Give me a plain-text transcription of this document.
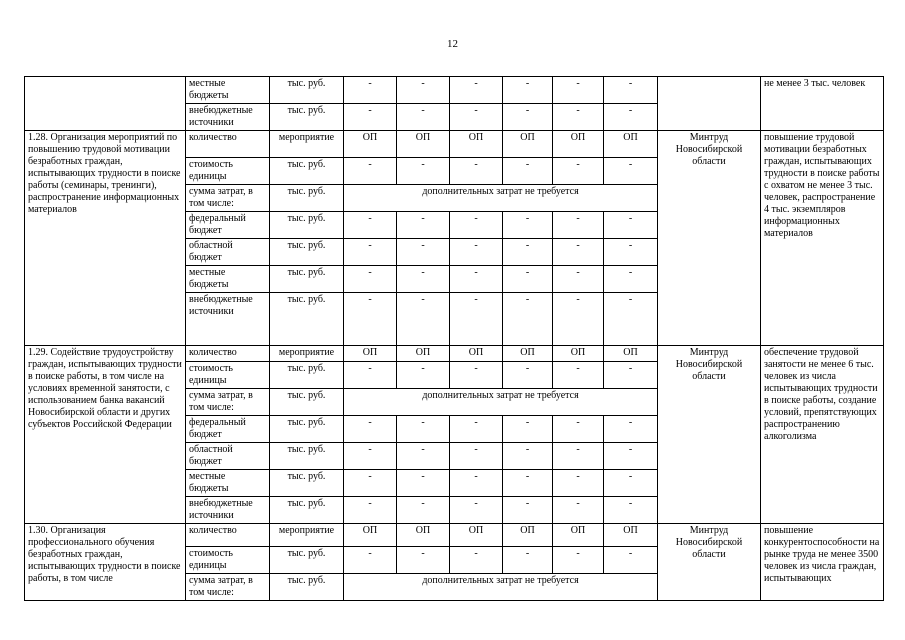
12
	местные бюджеты	тыс. руб.	-	-	-	-	-	-		не менее 3 тыс. человек
	внебюджетные источники	тыс. руб.	-	-	-	-	-	-		
1.28. Организация мероприятий по повышению трудовой мотивации безработных граждан, испытывающих трудности в поиске работы (семинары, тренинги), распространение информационных материалов	количество	мероприятие	ОП	ОП	ОП	ОП	ОП	ОП	Минтруд Новосибирской области	повышение трудовой мотивации безработных граждан, испытывающих трудности в поиске работы с охватом не менее 3 тыс. человек, распространение 4 тыс. экземпляров информационных материалов
	стоимость единицы	тыс. руб.	-	-	-	-	-	-		
	сумма затрат, в том числе:	тыс. руб.	дополнительных затрат не требуется							
	федеральный бюджет	тыс. руб.	-	-	-	-	-	-		
	областной бюджет	тыс. руб.	-	-	-	-	-	-		
	местные бюджеты	тыс. руб.	-	-	-	-	-	-		
	внебюджетные источники	тыс. руб.	-	-	-	-	-	-		
1.29. Содействие трудоустройству граждан, испытывающих трудности в поиске работы, в том числе на условиях временной занятости, с использованием банка вакансий Новосибирской области и других субъектов Российской Федерации	количество	мероприятие	ОП	ОП	ОП	ОП	ОП	ОП	Минтруд Новосибирской области	обеспечение трудовой занятости не менее 6 тыс. человек из числа испытывающих трудности в поиске работы, создание условий, препятствующих распространению алкоголизма
	стоимость единицы	тыс. руб.	-	-	-	-	-	-		
	сумма затрат, в том числе:	тыс. руб.	дополнительных затрат не требуется							
	федеральный бюджет	тыс. руб.	-	-	-	-	-	-		
	областной бюджет	тыс. руб.	-	-	-	-	-	-		
	местные бюджеты	тыс. руб.	-	-	-	-	-	-		
	внебюджетные источники	тыс. руб.	-	-	-	-	-	-		
1.30. Организация профессионального обучения безработных граждан, испытывающих трудности в поиске работы, в том числе	количество	мероприятие	ОП	ОП	ОП	ОП	ОП	ОП	Минтруд Новосибирской области	повышение конкурентоспособности на рынке труда не менее 3500 человек из числа граждан, испытывающих
	стоимость единицы	тыс. руб.	-	-	-	-	-	-		
	сумма затрат, в том числе:	тыс. руб.	дополнительных затрат не требуется							
